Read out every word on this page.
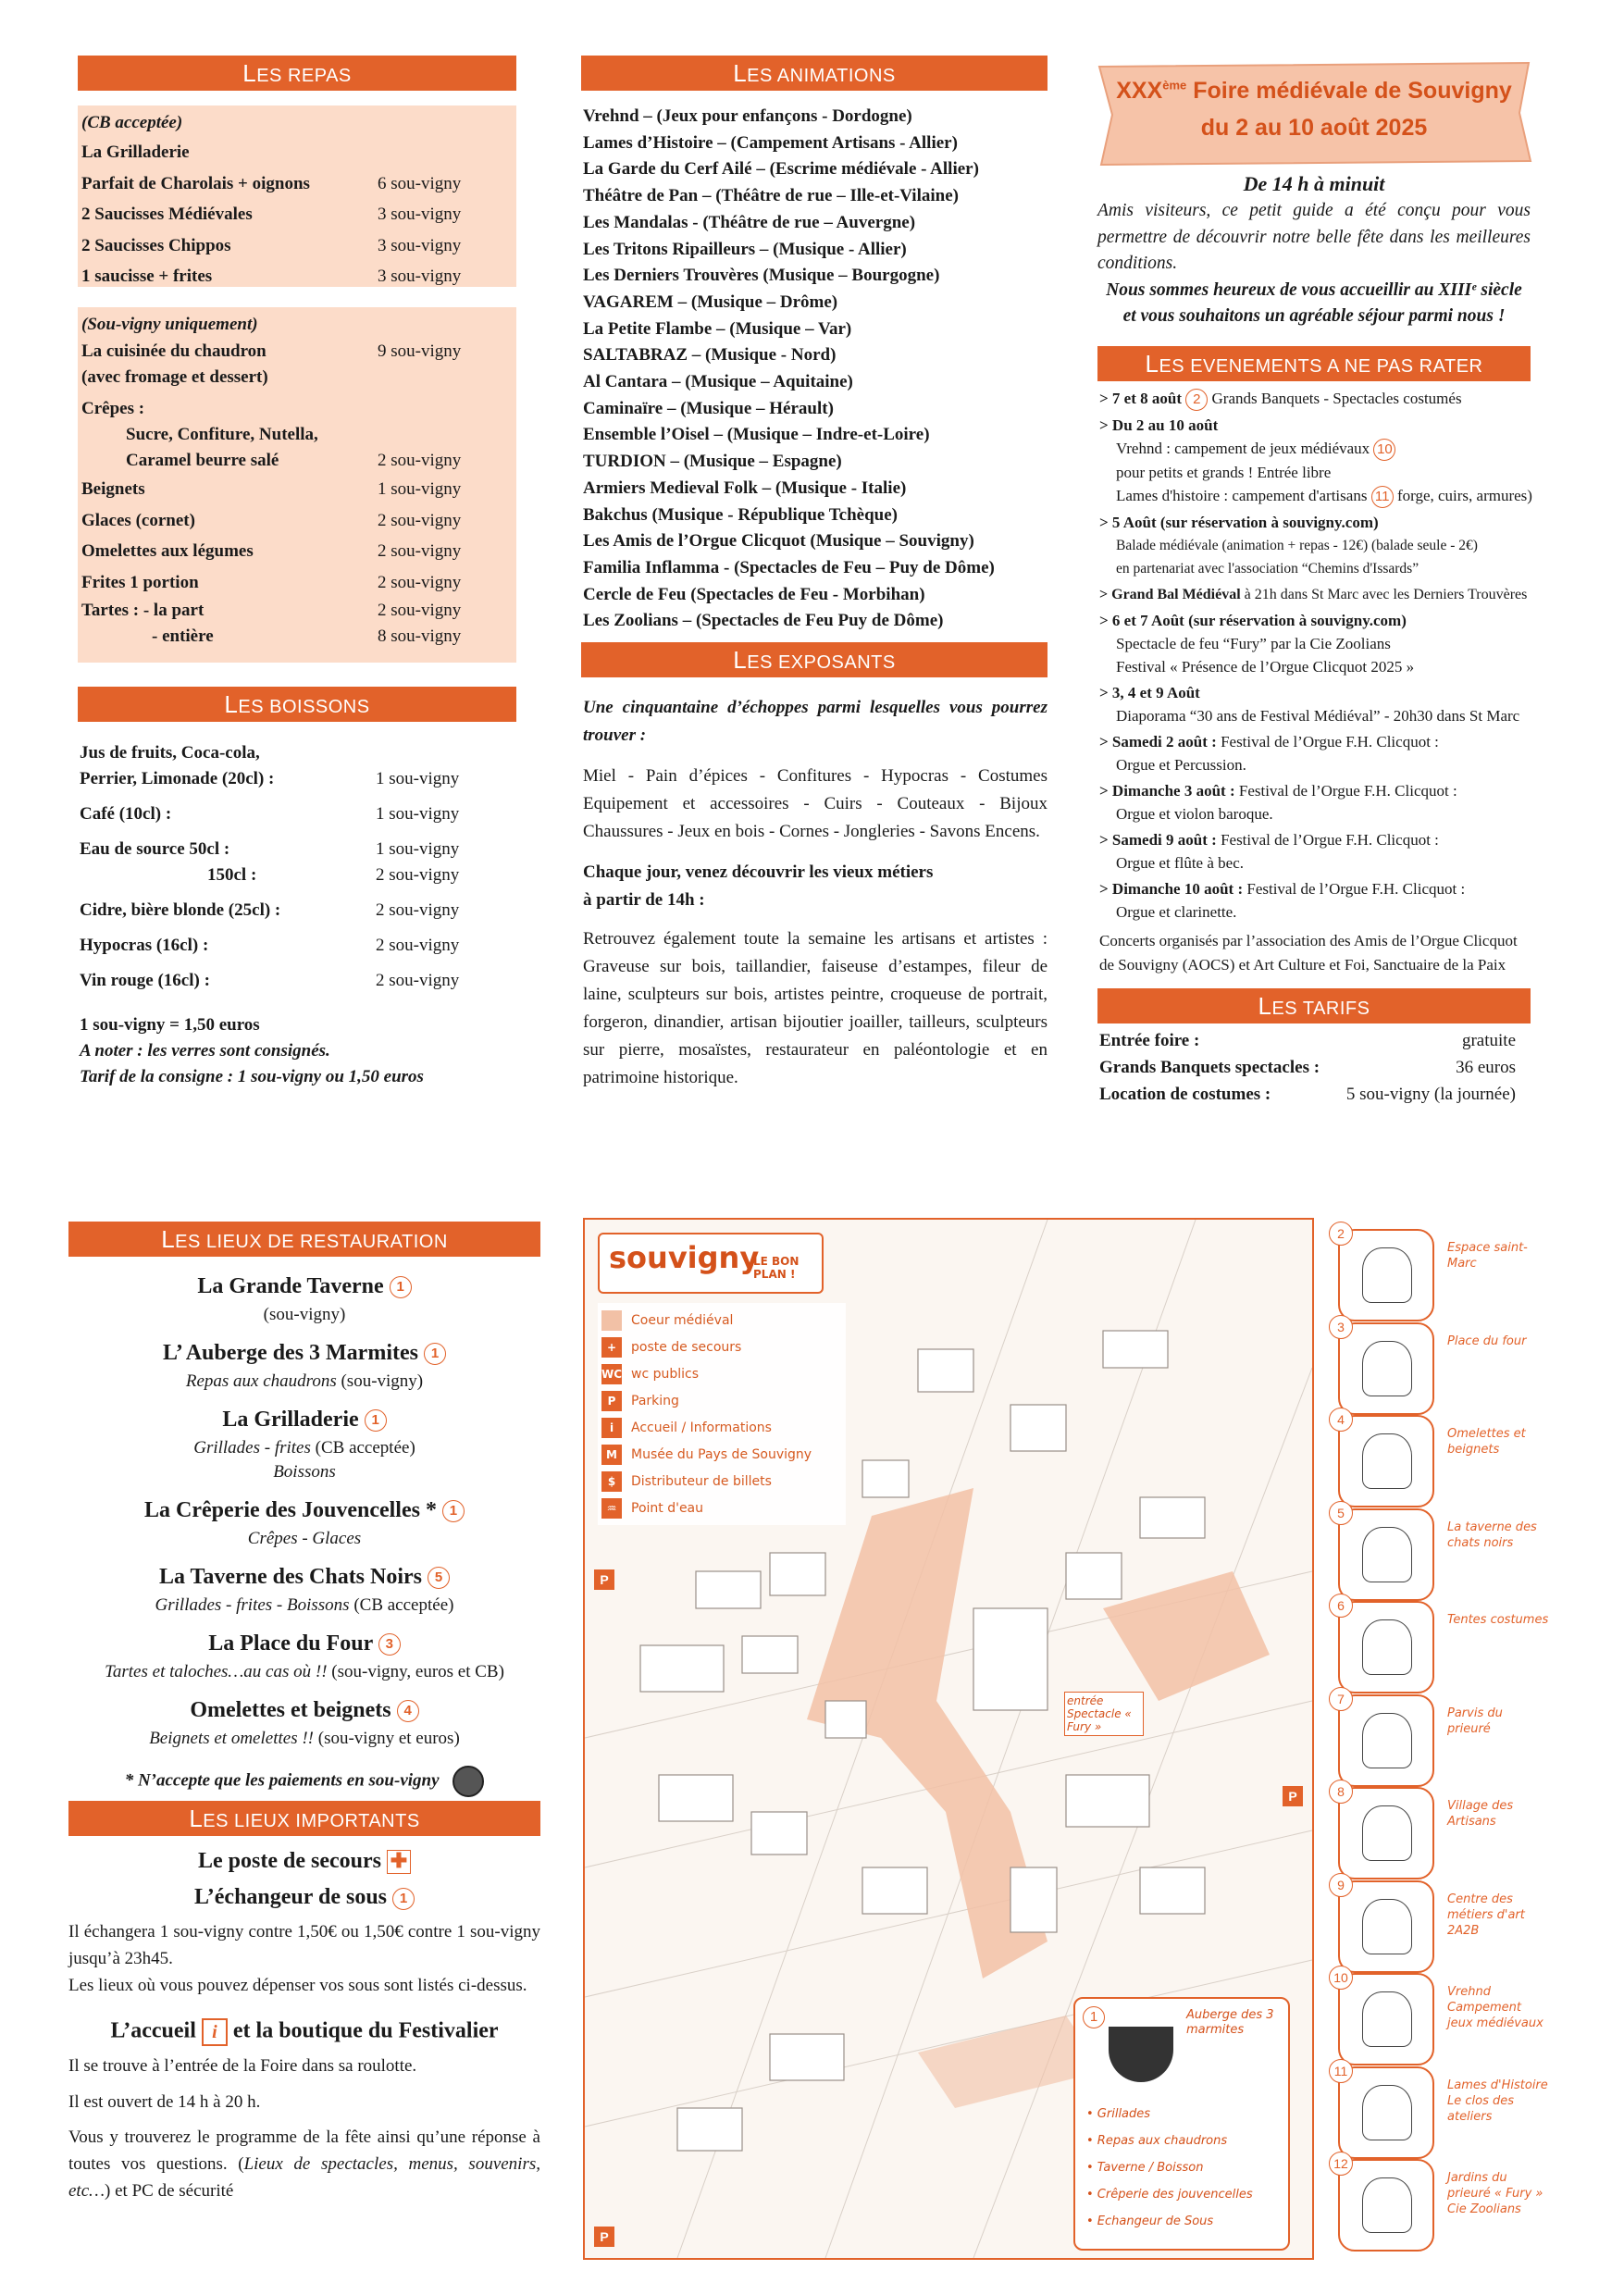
LES REPAS
(CB acceptée)
La Grilladerie
Parfait de Charolais + oignons	6 sou-vigny
2 Saucisses Médiévales	3 sou-vigny
2 Saucisses Chippos	3 sou-vigny
1 saucisse + frites	3 sou-vigny
(Sou-vigny uniquement)
La cuisinée du chaudron	9 sou-vigny
(avec fromage et dessert)
Crêpes :
Sucre, Confiture, Nutella,
Caramel beurre salé	2 sou-vigny
Beignets	1 sou-vigny
Glaces (cornet)	2 sou-vigny
Omelettes aux légumes	2 sou-vigny
Frites 1 portion	2 sou-vigny
Tartes : - la part	2 sou-vigny
- entière	8 sou-vigny
LES BOISSONS
Jus de fruits, Coca-cola,
Perrier, Limonade (20cl) :	1 sou-vigny
Café (10cl) :	1 sou-vigny
Eau de source 50cl :	1 sou-vigny
150cl :	2 sou-vigny
Cidre, bière blonde (25cl) :	2 sou-vigny
Hypocras (16cl) :	2 sou-vigny
Vin rouge (16cl) :	2 sou-vigny
1 sou-vigny = 1,50 euros
A noter : les verres sont consignés.
Tarif de la consigne : 1 sou-vigny ou 1,50 euros
LES ANIMATIONS
Vrehnd – (Jeux pour enfançons - Dordogne)
Lames d’Histoire – (Campement Artisans - Allier)
La Garde du Cerf Ailé – (Escrime médiévale - Allier)
Théâtre de Pan – (Théâtre de rue – Ille-et-Vilaine)
Les Mandalas - (Théâtre de rue – Auvergne)
Les Tritons Ripailleurs – (Musique - Allier)
Les Derniers Trouvères (Musique – Bourgogne)
VAGAREM – (Musique – Drôme)
La Petite Flambe – (Musique – Var)
SALTABRAZ – (Musique - Nord)
Al Cantara – (Musique – Aquitaine)
Caminaïre – (Musique – Hérault)
Ensemble l’Oisel – (Musique – Indre-et-Loire)
TURDION – (Musique – Espagne)
Armiers Medieval Folk – (Musique - Italie)
Bakchus (Musique - République Tchèque)
Les Amis de l’Orgue Clicquot (Musique – Souvigny)
Familia Inflamma - (Spectacles de Feu – Puy de Dôme)
Cercle de Feu (Spectacles de Feu - Morbihan)
Les Zoolians – (Spectacles de Feu Puy de Dôme)
LES EXPOSANTS
Une cinquantaine d’échoppes parmi lesquelles vous pourrez trouver :
Miel - Pain d’épices - Confitures - Hypocras - Costumes Equipement et accessoires - Cuirs - Couteaux - Bijoux Chaussures - Jeux en bois - Cornes - Jongleries - Savons Encens.
Chaque jour, venez découvrir les vieux métiers
à partir de 14h :
Retrouvez également toute la semaine les artisans et artistes : Graveuse sur bois, taillandier, faiseuse d’estampes, fileur de laine, sculpteurs sur bois, artistes peintre, croqueuse de portrait, forgeron, dinandier, artisan bijoutier joailler, tailleurs, sculpteurs sur pierre, mosaïstes, restaurateur en paléontologie et en patrimoine historique.
XXXème Foire médiévale de Souvigny
du 2 au 10 août 2025
De 14 h à minuit
Amis visiteurs, ce petit guide a été conçu pour vous permettre de découvrir notre belle fête dans les meilleures conditions.
Nous sommes heureux de vous accueillir au XIIIᵉ siècle et vous souhaitons un agréable séjour parmi nous !
LES EVENEMENTS A NE PAS RATER
> 7 et 8 août 2 Grands Banquets - Spectacles costumés
> Du 2 au 10 août
Vrehnd : campement de jeux médiévaux 10
pour petits et grands ! Entrée libre
Lames d'histoire : campement d'artisans 11 forge, cuirs, armures)
> 5 Août (sur réservation à souvigny.com)
Balade médiévale (animation + repas - 12€) (balade seule - 2€)
en partenariat avec l'association “Chemins d'Issards”
> Grand Bal Médiéval à 21h dans St Marc avec les Derniers Trouvères
> 6 et 7 Août (sur réservation à souvigny.com)
Spectacle de feu “Fury” par la Cie Zoolians
Festival « Présence de l’Orgue Clicquot 2025 »
> 3, 4 et 9 Août
Diaporama “30 ans de Festival Médiéval” - 20h30 dans St Marc
> Samedi 2 août : Festival de l’Orgue F.H. Clicquot :
Orgue et Percussion.
> Dimanche 3 août : Festival de l’Orgue F.H. Clicquot :
Orgue et violon baroque.
> Samedi 9 août : Festival de l’Orgue F.H. Clicquot :
Orgue et flûte à bec.
> Dimanche 10 août : Festival de l’Orgue F.H. Clicquot :
Orgue et clarinette.
Concerts organisés par l’association des Amis de l’Orgue Clicquot de Souvigny (AOCS) et Art Culture et Foi, Sanctuaire de la Paix
LES TARIFS
Entrée foire :	gratuite
Grands Banquets spectacles :	36 euros
Location de costumes :	5 sou-vigny (la journée)
LES LIEUX DE RESTAURATION
La Grande Taverne 1
(sou-vigny)
L’ Auberge des 3 Marmites 1
Repas aux chaudrons (sou-vigny)
La Grilladerie 1
Grillades - frites (CB acceptée)
Boissons
La Crêperie des Jouvencelles * 1
Crêpes - Glaces
La Taverne des Chats Noirs 5
Grillades - frites - Boissons (CB acceptée)
La Place du Four 3
Tartes et taloches…au cas où !! (sou-vigny, euros et CB)
Omelettes et beignets 4
Beignets et omelettes !! (sou-vigny et euros)
* N’accepte que les paiements en sou-vigny
LES LIEUX IMPORTANTS
Le poste de secours ✚
L’échangeur de sous 1
Il échangera 1 sou-vigny contre 1,50€ ou 1,50€ contre 1 sou-vigny jusqu’à 23h45.
Les lieux où vous pouvez dépenser vos sous sont listés ci-dessus.
L’accueil i et la boutique du Festivalier
Il se trouve à l’entrée de la Foire dans sa roulotte.
Il est ouvert de 14 h à 20 h.
Vous y trouverez le programme de la fête ainsi qu’une réponse à toutes vos questions. (Lieux de spectacles, menus, souvenirs, etc…) et PC de sécurité
souvigny
LE BON PLAN !
Coeur médiéval
+	poste de secours
WC wc publics
P	Parking
i	Accueil / Informations
M	Musée du Pays de Souvigny
$	Distributeur de billets
♒	Point d'eau
P
P
P
entrée Spectacle « Fury »
1	Auberge des 3 marmites
• Grillades
• Repas aux chaudrons
• Taverne / Boisson
• Crêperie des jouvencelles
• Echangeur de Sous
2
Espace saint-Marc
3
Place du four
4
Omelettes et beignets
5
La taverne des chats noirs
6
Tentes costumes
7
Parvis du prieuré
8
Village des Artisans
9
Centre des métiers d'art 2A2B
10
Vrehnd Campement jeux médiévaux
11
Lames d'Histoire Le clos des ateliers
12
Jardins du prieuré « Fury » Cie Zoolians
